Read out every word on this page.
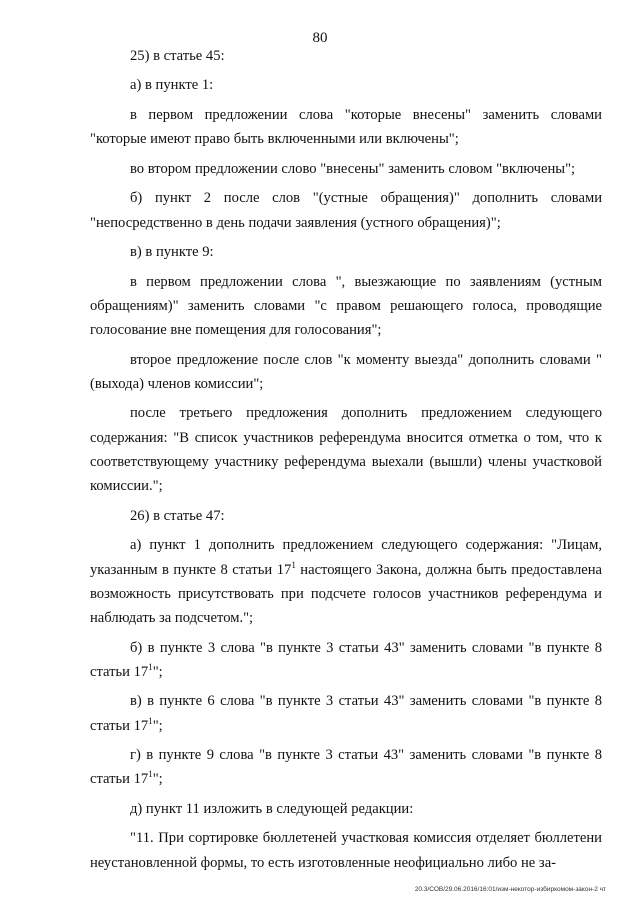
80

25) в статье 45:

а) в пункте 1:

в первом предложении слова "которые внесены" заменить словами "которые имеют право быть включенными или включены";

во втором предложении слово "внесены" заменить словом "включены";

б) пункт 2 после слов "(устные обращения)" дополнить словами "непосредственно в день подачи заявления (устного обращения)";

в) в пункте 9:

в первом предложении слова ", выезжающие по заявлениям (устным обращениям)" заменить словами "с правом решающего голоса, проводящие голосование вне помещения для голосования";

второе предложение после слов "к моменту выезда" дополнить словами "(выхода) членов комиссии";

после третьего предложения дополнить предложением следующего содержания: "В список участников референдума вносится отметка о том, что к соответствующему участнику референдума выехали (вышли) члены участковой комиссии.";

26) в статье 47:

а) пункт 1 дополнить предложением следующего содержания: "Лицам, указанным в пункте 8 статьи $17^1$ настоящего Закона, должна быть предоставлена возможность присутствовать при подсчете голосов участников референдума и наблюдать за подсчетом.";

б) в пункте 3 слова "в пункте 3 статьи 43" заменить словами "в пункте 8 статьи $17^1$";

в) в пункте 6 слова "в пункте 3 статьи 43" заменить словами "в пункте 8 статьи $17^1$";

г) в пункте 9 слова "в пункте 3 статьи 43" заменить словами "в пункте 8 статьи $17^1$";

д) пункт 11 изложить в следующей редакции:

"11. При сортировке бюллетеней участковая комиссия отделяет бюллетени неустановленной формы, то есть изготовленные неофициально либо не за-

20.3/СОВ/29.06.2016/16:01/изм-некотор-избиркомом-закон-2 чт
